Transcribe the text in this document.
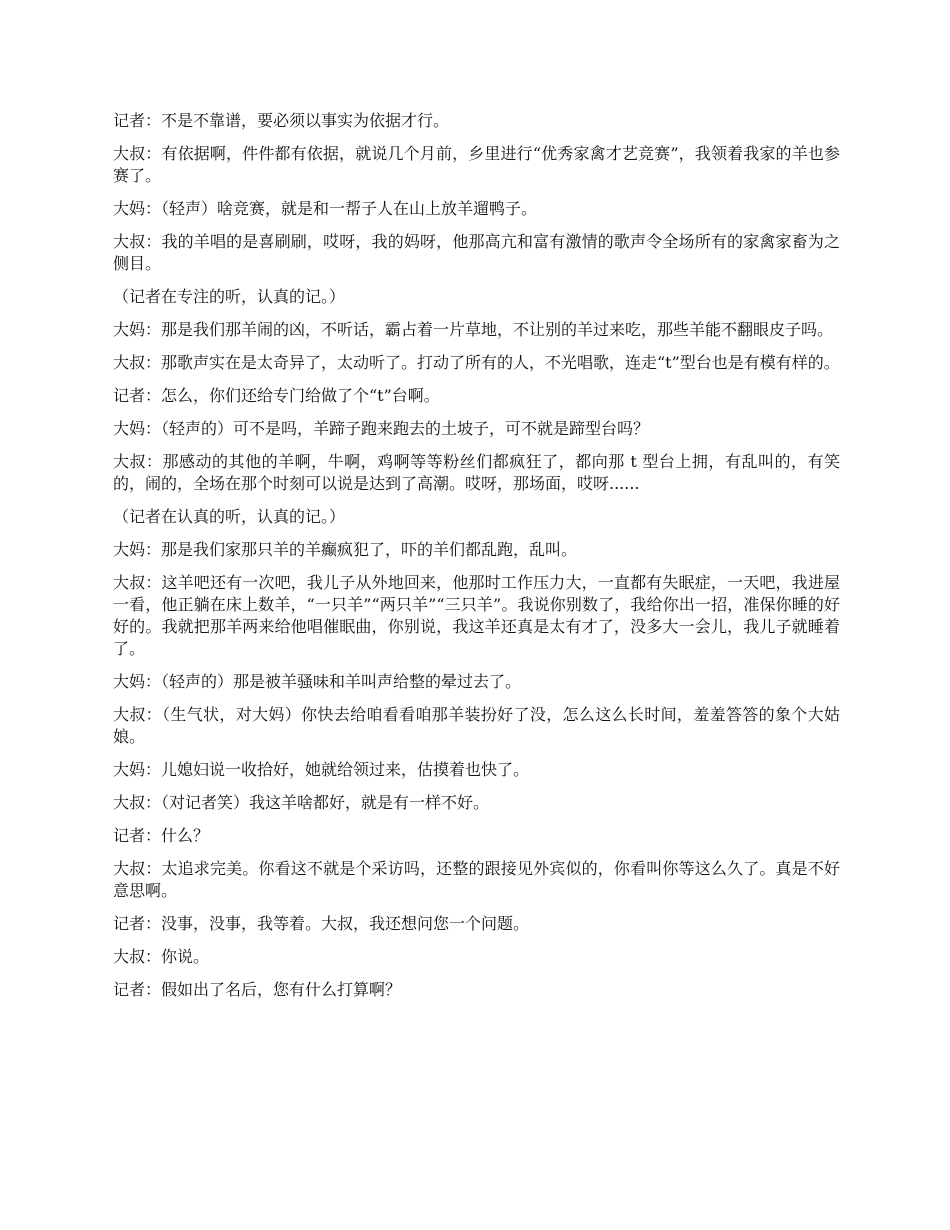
记者：不是不靠谱，要必须以事实为依据才行。

大叔：有依据啊，件件都有依据，就说几个月前，乡里进行“优秀家禽才艺竞赛”，我领着我家的羊也参赛了。

大妈：（轻声）啥竞赛，就是和一帮子人在山上放羊遛鸭子。

大叔：我的羊唱的是喜刷刷，哎呀，我的妈呀，他那高亢和富有激情的歌声令全场所有的家禽家畜为之侧目。

（记者在专注的听，认真的记。）

大妈：那是我们那羊闹的凶，不听话，霸占着一片草地，不让别的羊过来吃，那些羊能不翻眼皮子吗。

大叔：那歌声实在是太奇异了，太动听了。打动了所有的人，不光唱歌，连走“t”型台也是有模有样的。

记者：怎么，你们还给专门给做了个“t”台啊。

大妈：（轻声的）可不是吗，羊蹄子跑来跑去的土坡子，可不就是蹄型台吗？

大叔：那感动的其他的羊啊，牛啊，鸡啊等等粉丝们都疯狂了，都向那 t 型台上拥，有乱叫的，有笑的，闹的，全场在那个时刻可以说是达到了高潮。哎呀，那场面，哎呀......

（记者在认真的听，认真的记。）

大妈：那是我们家那只羊的羊癫疯犯了，吓的羊们都乱跑，乱叫。

大叔：这羊吧还有一次吧，我儿子从外地回来，他那时工作压力大，一直都有失眠症，一天吧，我进屋一看，他正躺在床上数羊，“一只羊”“两只羊”“三只羊”。我说你别数了，我给你出一招，准保你睡的好好的。我就把那羊两来给他唱催眠曲，你别说，我这羊还真是太有才了，没多大一会儿，我儿子就睡着了。

大妈：（轻声的）那是被羊骚味和羊叫声给整的晕过去了。

大叔：（生气状，对大妈）你快去给咱看看咱那羊装扮好了没，怎么这么长时间，羞羞答答的象个大姑娘。

大妈：儿媳妇说一收拾好，她就给领过来，估摸着也快了。

大叔：（对记者笑）我这羊啥都好，就是有一样不好。

记者：什么？

大叔：太追求完美。你看这不就是个采访吗，还整的跟接见外宾似的，你看叫你等这么久了。真是不好意思啊。

记者：没事，没事，我等着。大叔，我还想问您一个问题。

大叔：你说。

记者：假如出了名后，您有什么打算啊？
